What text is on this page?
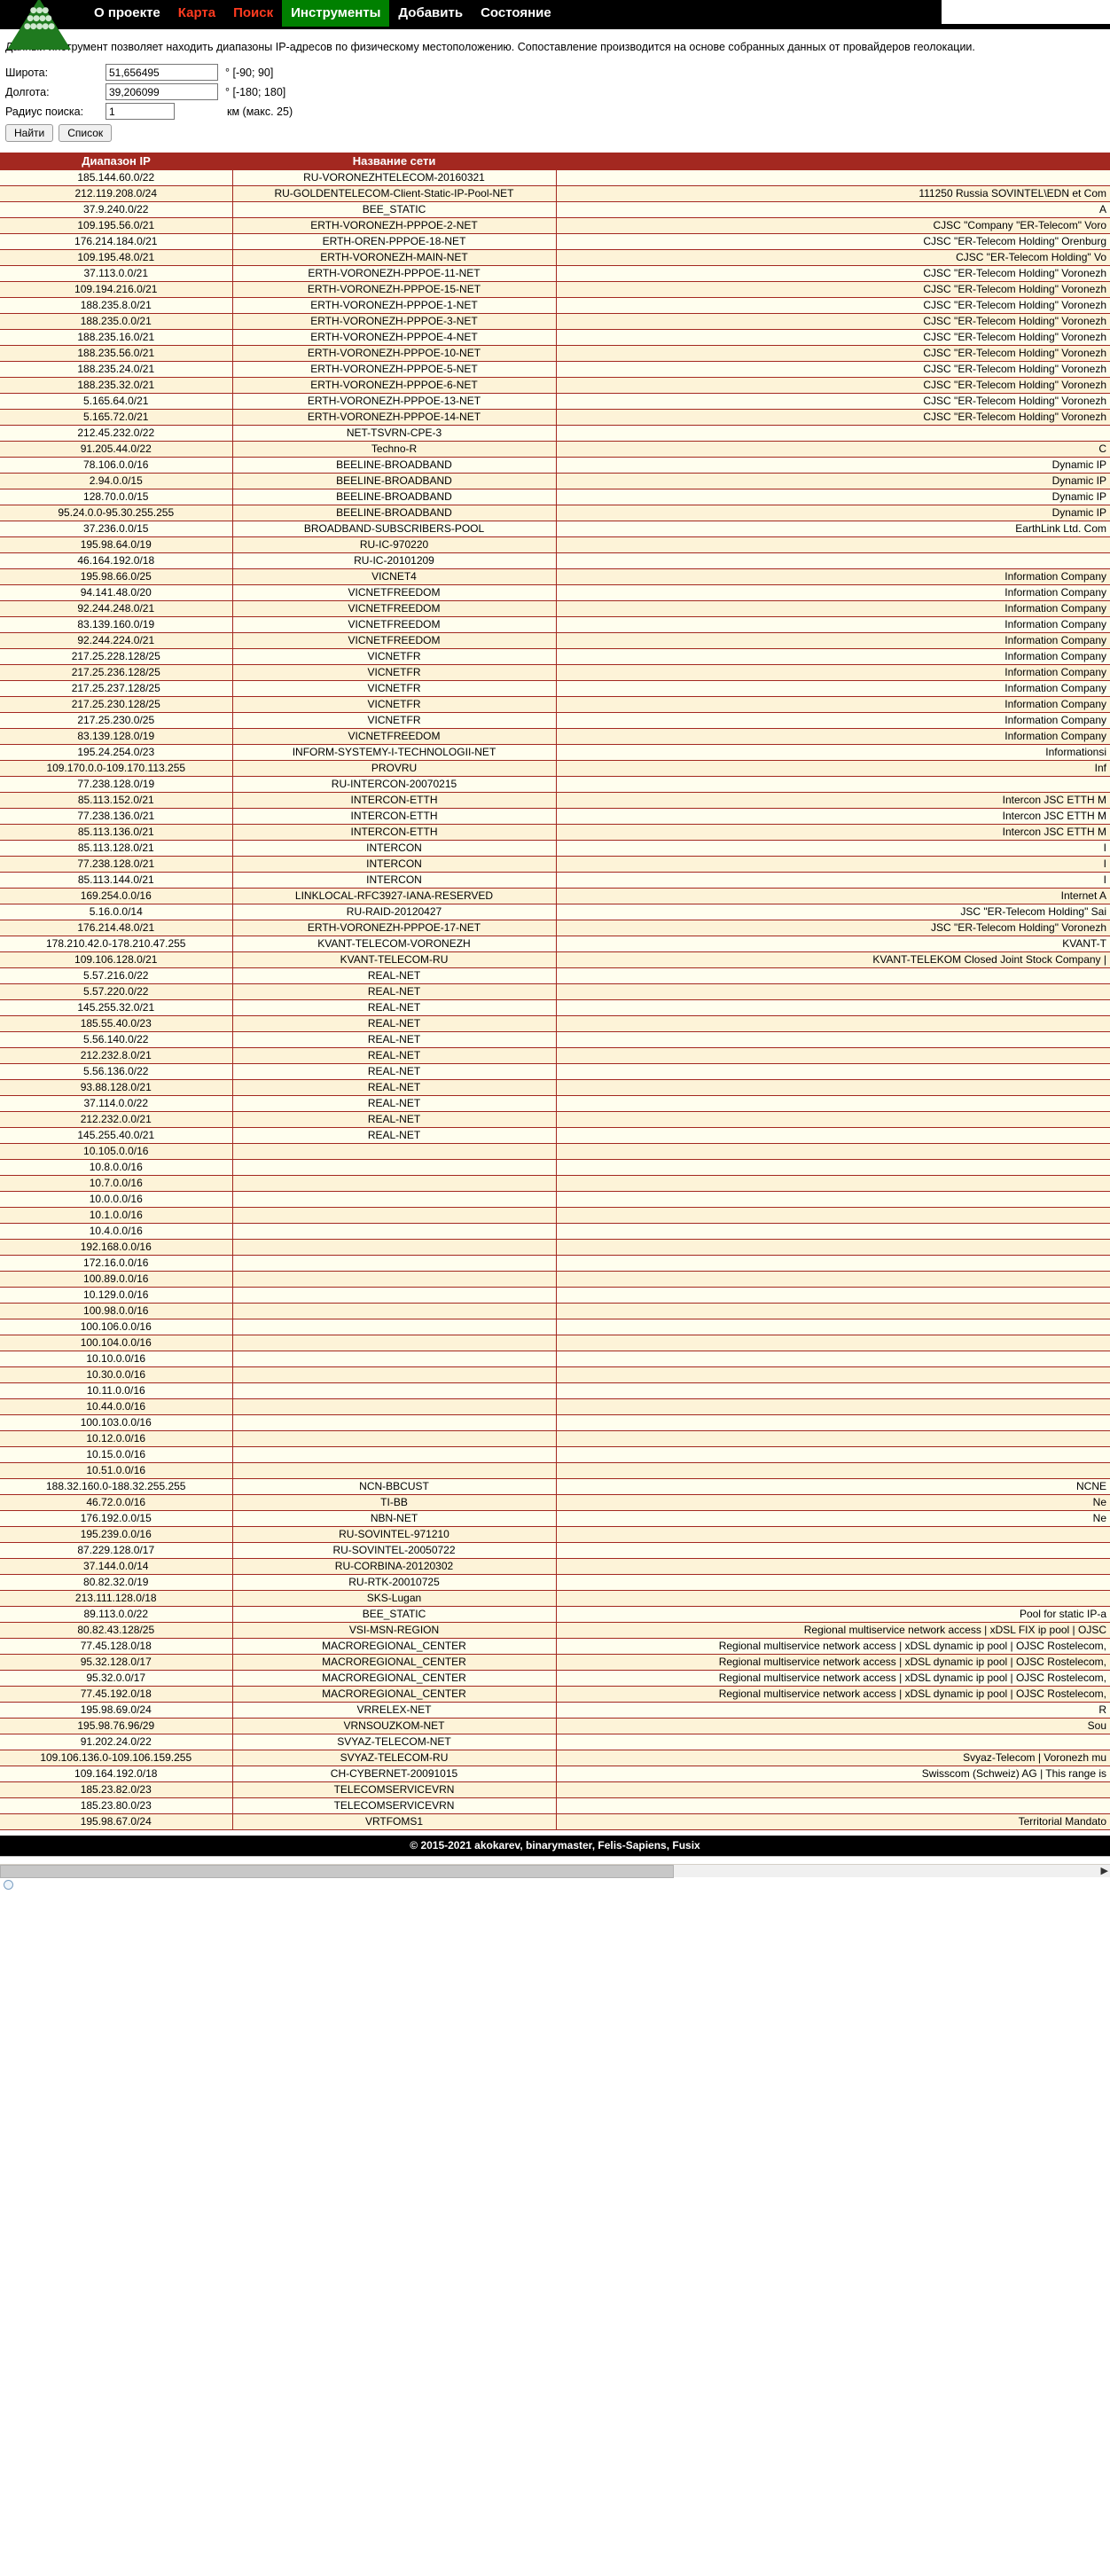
●●●
●●●●
●●●●●
О проекте	Карта	Поиск	Инструменты	Добавить	Состояние
Данный инструмент позволяет находить диапазоны IP-адресов по физическому местоположению. Сопоставление производится на основе собранных данных от провайдеров геолокации.
Широта:
51,656495	° [-90; 90]
Долгота:
39,206099	° [-180; 180]
Радиус поиска:
1	км (макс. 25)
Найти	Список
Диапазон IP	Название сети	
185.144.60.0/22	RU-VORONEZHTELECOM-20160321	
212.119.208.0/24	RU-GOLDENTELECOM-Client-Static-IP-Pool-NET	111250 Russia SOVINTEL\EDN et Com
37.9.240.0/22	BEE_STATIC	A
109.195.56.0/21	ERTH-VORONEZH-PPPOE-2-NET	CJSC "Company "ER-Telecom" Voro
176.214.184.0/21	ERTH-OREN-PPPOE-18-NET	CJSC "ER-Telecom Holding" Orenburg
109.195.48.0/21	ERTH-VORONEZH-MAIN-NET	CJSC "ER-Telecom Holding" Vo
37.113.0.0/21	ERTH-VORONEZH-PPPOE-11-NET	CJSC "ER-Telecom Holding" Voronezh
109.194.216.0/21	ERTH-VORONEZH-PPPOE-15-NET	CJSC "ER-Telecom Holding" Voronezh
188.235.8.0/21	ERTH-VORONEZH-PPPOE-1-NET	CJSC "ER-Telecom Holding" Voronezh
188.235.0.0/21	ERTH-VORONEZH-PPPOE-3-NET	CJSC "ER-Telecom Holding" Voronezh
188.235.16.0/21	ERTH-VORONEZH-PPPOE-4-NET	CJSC "ER-Telecom Holding" Voronezh
188.235.56.0/21	ERTH-VORONEZH-PPPOE-10-NET	CJSC "ER-Telecom Holding" Voronezh
188.235.24.0/21	ERTH-VORONEZH-PPPOE-5-NET	CJSC "ER-Telecom Holding" Voronezh
188.235.32.0/21	ERTH-VORONEZH-PPPOE-6-NET	CJSC "ER-Telecom Holding" Voronezh
5.165.64.0/21	ERTH-VORONEZH-PPPOE-13-NET	CJSC "ER-Telecom Holding" Voronezh
5.165.72.0/21	ERTH-VORONEZH-PPPOE-14-NET	CJSC "ER-Telecom Holding" Voronezh
212.45.232.0/22	NET-TSVRN-CPE-3	
91.205.44.0/22	Techno-R	C
78.106.0.0/16	BEELINE-BROADBAND	Dynamic IP
2.94.0.0/15	BEELINE-BROADBAND	Dynamic IP
128.70.0.0/15	BEELINE-BROADBAND	Dynamic IP
95.24.0.0-95.30.255.255	BEELINE-BROADBAND	Dynamic IP
37.236.0.0/15	BROADBAND-SUBSCRIBERS-POOL	EarthLink Ltd. Com
195.98.64.0/19	RU-IC-970220	
46.164.192.0/18	RU-IC-20101209	
195.98.66.0/25	VICNET4	Information Company
94.141.48.0/20	VICNETFREEDOM	Information Company
92.244.248.0/21	VICNETFREEDOM	Information Company
83.139.160.0/19	VICNETFREEDOM	Information Company
92.244.224.0/21	VICNETFREEDOM	Information Company
217.25.228.128/25	VICNETFR	Information Company
217.25.236.128/25	VICNETFR	Information Company
217.25.237.128/25	VICNETFR	Information Company
217.25.230.128/25	VICNETFR	Information Company
217.25.230.0/25	VICNETFR	Information Company
83.139.128.0/19	VICNETFREEDOM	Information Company
195.24.254.0/23	INFORM-SYSTEMY-I-TECHNOLOGII-NET	Informationsi
109.170.0.0-109.170.113.255	PROVRU	Inf
77.238.128.0/19	RU-INTERCON-20070215	
85.113.152.0/21	INTERCON-ETTH	Intercon JSC ETTH M
77.238.136.0/21	INTERCON-ETTH	Intercon JSC ETTH M
85.113.136.0/21	INTERCON-ETTH	Intercon JSC ETTH M
85.113.128.0/21	INTERCON	I
77.238.128.0/21	INTERCON	I
85.113.144.0/21	INTERCON	I
169.254.0.0/16	LINKLOCAL-RFC3927-IANA-RESERVED	Internet A
5.16.0.0/14	RU-RAID-20120427	JSC "ER-Telecom Holding" Sai
176.214.48.0/21	ERTH-VORONEZH-PPPOE-17-NET	JSC "ER-Telecom Holding" Voronezh
178.210.42.0-178.210.47.255	KVANT-TELECOM-VORONEZH	KVANT-T
109.106.128.0/21	KVANT-TELECOM-RU	KVANT-TELEKOM Closed Joint Stock Company |
5.57.216.0/22	REAL-NET	
5.57.220.0/22	REAL-NET	
145.255.32.0/21	REAL-NET	
185.55.40.0/23	REAL-NET	
5.56.140.0/22	REAL-NET	
212.232.8.0/21	REAL-NET	
5.56.136.0/22	REAL-NET	
93.88.128.0/21	REAL-NET	
37.114.0.0/22	REAL-NET	
212.232.0.0/21	REAL-NET	
145.255.40.0/21	REAL-NET	
10.105.0.0/16		
10.8.0.0/16		
10.7.0.0/16		
10.0.0.0/16		
10.1.0.0/16		
10.4.0.0/16		
192.168.0.0/16		
172.16.0.0/16		
100.89.0.0/16		
10.129.0.0/16		
100.98.0.0/16		
100.106.0.0/16		
100.104.0.0/16		
10.10.0.0/16		
10.30.0.0/16		
10.11.0.0/16		
10.44.0.0/16		
100.103.0.0/16		
10.12.0.0/16		
10.15.0.0/16		
10.51.0.0/16		
188.32.160.0-188.32.255.255	NCN-BBCUST	NCNE
46.72.0.0/16	TI-BB	Ne
176.192.0.0/15	NBN-NET	Ne
195.239.0.0/16	RU-SOVINTEL-971210	
87.229.128.0/17	RU-SOVINTEL-20050722	
37.144.0.0/14	RU-CORBINA-20120302	
80.82.32.0/19	RU-RTK-20010725	
213.111.128.0/18	SKS-Lugan	
89.113.0.0/22	BEE_STATIC	Pool for static IP-a
80.82.43.128/25	VSI-MSN-REGION	Regional multiservice network access | xDSL FIX ip pool | OJSC
77.45.128.0/18	MACROREGIONAL_CENTER	Regional multiservice network access | xDSL dynamic ip pool | OJSC Rostelecom,
95.32.128.0/17	MACROREGIONAL_CENTER	Regional multiservice network access | xDSL dynamic ip pool | OJSC Rostelecom,
95.32.0.0/17	MACROREGIONAL_CENTER	Regional multiservice network access | xDSL dynamic ip pool | OJSC Rostelecom,
77.45.192.0/18	MACROREGIONAL_CENTER	Regional multiservice network access | xDSL dynamic ip pool | OJSC Rostelecom,
195.98.69.0/24	VRRELEX-NET	R
195.98.76.96/29	VRNSOUZKOM-NET	Sou
91.202.24.0/22	SVYAZ-TELECOM-NET	
109.106.136.0-109.106.159.255	SVYAZ-TELECOM-RU	Svyaz-Telecom | Voronezh mu
109.164.192.0/18	CH-CYBERNET-20091015	Swisscom (Schweiz) AG | This range is
185.23.82.0/23	TELECOMSERVICEVRN	
185.23.80.0/23	TELECOMSERVICEVRN	
195.98.67.0/24	VRTFOMS1	Territorial Mandato
© 2015-2021 akokarev, binarymaster, Felis-Sapiens, Fusix
▶
